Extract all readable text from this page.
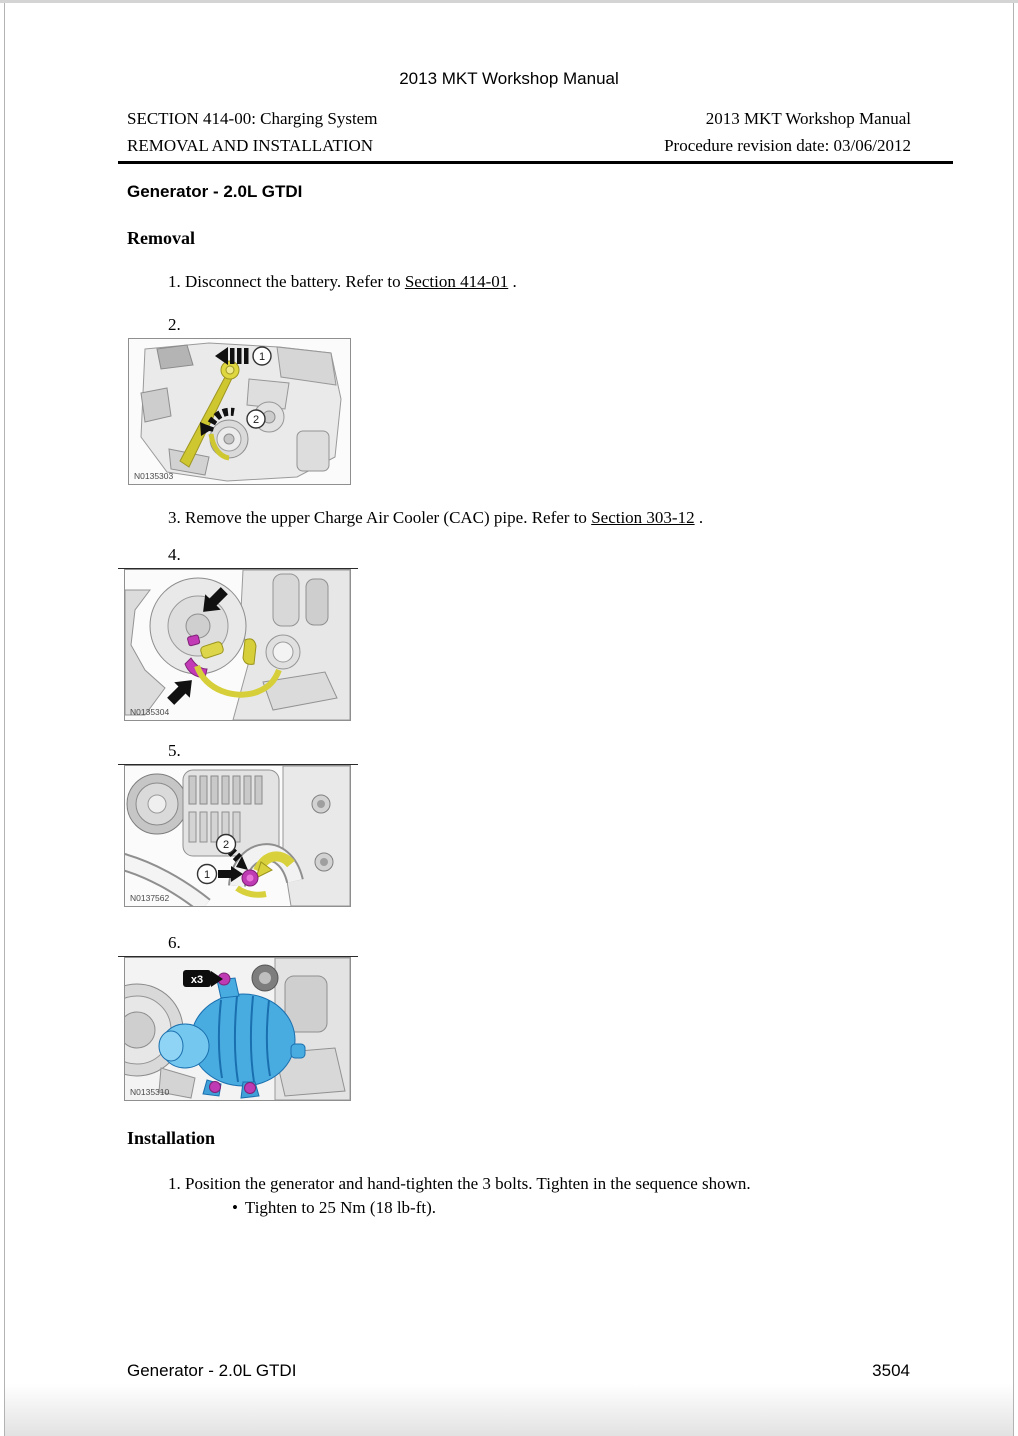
2013 MKT Workshop Manual
SECTION 414-00: Charging System
REMOVAL AND INSTALLATION
2013 MKT Workshop Manual
Procedure revision date: 03/06/2012
Generator - 2.0L GTDI
Removal
1. Disconnect the battery. Refer to Section 414-01 .
2.
1
2
N0135303
3. Remove the upper Charge Air Cooler (CAC) pipe. Refer to Section 303-12 .
4.
N0135304
5.
2
1
N0137562
6.
x3
N0135310
Installation
1. Position the generator and hand-tighten the 3 bolts. Tighten in the sequence shown.
• Tighten to 25 Nm (18 lb-ft).
Generator - 2.0L GTDI	3504
